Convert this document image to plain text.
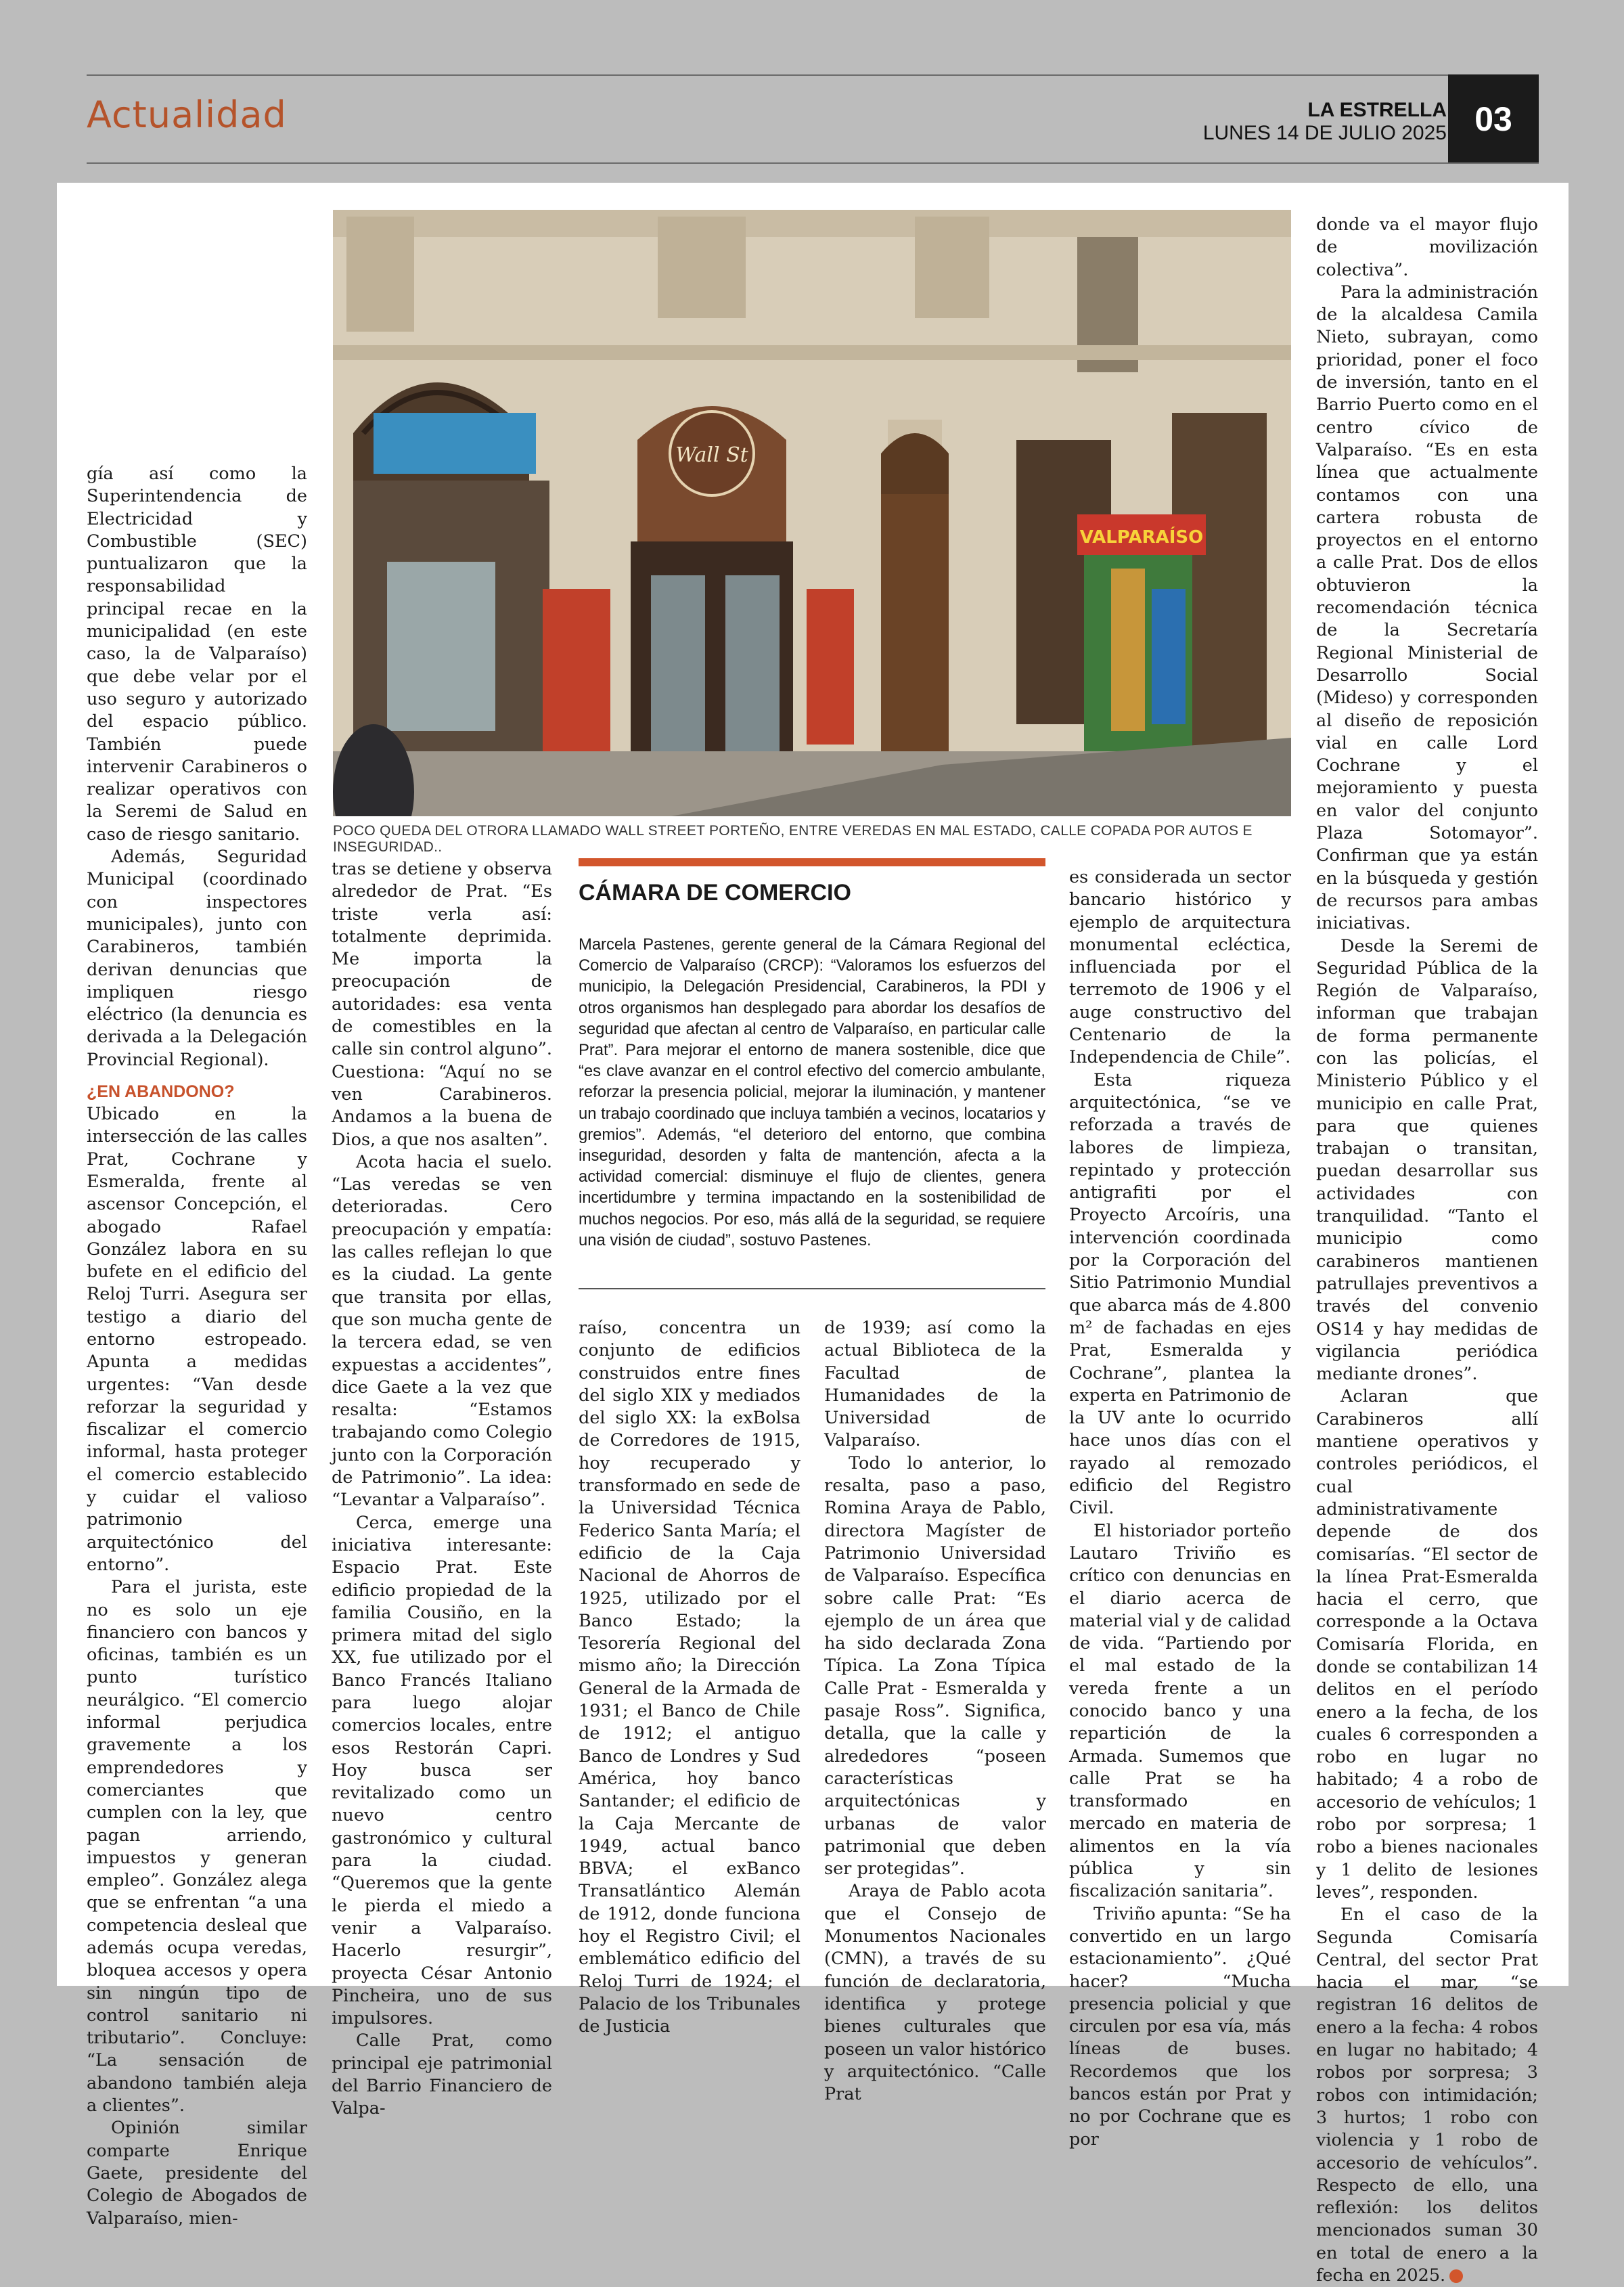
Actualidad	LA ESTRELLA
LUNES 14 DE JULIO 2025 03
Wall St
VALPARAÍSO
POCO QUEDA DEL OTRORA LLAMADO WALL STREET PORTEÑO, ENTRE VEREDAS EN MAL ESTADO, CALLE COPADA POR AUTOS E INSEGURIDAD..

gía así como la Superintendencia de Electricidad y Combustible (SEC) puntualizaron que la responsabilidad principal recae en la municipalidad (en este caso, la de Valparaíso) que debe velar por el uso seguro y autorizado del espacio público. También puede intervenir Carabineros o realizar operativos con la Seremi de Salud en caso de riesgo sanitario.

Además, Seguridad Municipal (coordinado con inspectores municipales), junto con Carabineros, también derivan denuncias que impliquen riesgo eléctrico (la denuncia es derivada a la Delegación Provincial Regional).

¿EN ABANDONO?

Ubicado en la intersección de las calles Prat, Cochrane y Esmeralda, frente al ascensor Concepción, el abogado Rafael González labora en su bufete en el edificio del Reloj Turri. Asegura ser testigo a diario del entorno estropeado. Apunta a medidas urgentes: “Van desde reforzar la seguridad y fiscalizar el comercio informal, hasta proteger el comercio establecido y cuidar el valioso patrimonio arquitectónico del entorno”.

Para el jurista, este no es solo un eje financiero con bancos y oficinas, también es un punto turístico neurálgico. “El comercio informal perjudica gravemente a los emprendedores y comerciantes que cumplen con la ley, que pagan arriendo, impuestos y generan empleo”. González alega que se enfrentan “a una competencia desleal que además ocupa veredas, bloquea accesos y opera sin ningún tipo de control sanitario ni tributario”. Concluye: “La sensación de abandono también aleja a clientes”.

Opinión similar comparte Enrique Gaete, presidente del Colegio de Abogados de Valparaíso, mien-

tras se detiene y observa alrededor de Prat. “Es triste verla así: totalmente deprimida. Me importa la preocupación de autoridades: esa venta de comestibles en la calle sin control alguno”. Cuestiona: “Aquí no se ven Carabineros. Andamos a la buena de Dios, a que nos asalten”.

Acota hacia el suelo. “Las veredas se ven deterioradas. Cero preocupación y empatía: las calles reflejan lo que es la ciudad. La gente que transita por ellas, que son mucha gente de la tercera edad, se ven expuestas a accidentes”, dice Gaete a la vez que resalta: “Estamos trabajando como Colegio junto con la Corporación de Patrimonio”. La idea: “Levantar a Valparaíso”.

Cerca, emerge una iniciativa interesante: Espacio Prat. Este edificio propiedad de la familia Cousiño, en la primera mitad del siglo XX, fue utilizado por el Banco Francés Italiano para luego alojar comercios locales, entre esos Restorán Capri. Hoy busca ser revitalizado como un nuevo centro gastronómico y cultural para la ciudad. “Queremos que la gente le pierda el miedo a venir a Valparaíso. Hacerlo resurgir”, proyecta César Antonio Pincheira, uno de sus impulsores.

Calle Prat, como principal eje patrimonial del Barrio Financiero de Valpa-

CÁMARA DE COMERCIO
Marcela Pastenes, gerente general de la Cámara Regional del Comercio de Valparaíso (CRCP): “Valoramos los esfuerzos del municipio, la Delegación Presidencial, Carabineros, la PDI y otros organismos han desplegado para abordar los desafíos de seguridad que afectan al centro de Valparaíso, en particular calle Prat”. Para mejorar el entorno de manera sostenible, dice que “es clave avanzar en el control efectivo del comercio ambulante, reforzar la presencia policial, mejorar la iluminación, y mantener un trabajo coordinado que incluya también a vecinos, locatarios y gremios”. Además, “el deterioro del entorno, que combina inseguridad, desorden y falta de mantención, afecta a la actividad comercial: disminuye el flujo de clientes, genera incertidumbre y termina impactando en la sostenibilidad de muchos negocios. Por eso, más allá de la seguridad, se requiere una visión de ciudad”, sostuvo Pastenes.

raíso, concentra un conjunto de edificios construidos entre fines del siglo XIX y mediados del siglo XX: la exBolsa de Corredores de 1915, hoy recuperado y transformado en sede de la Universidad Técnica Federico Santa María; el edificio de la Caja Nacional de Ahorros de 1925, utilizado por el Banco Estado; la Tesorería Regional del mismo año; la Dirección General de la Armada de 1931; el Banco de Chile de 1912; el antiguo Banco de Londres y Sud América, hoy banco Santander; el edificio de la Caja Mercante de 1949, actual banco BBVA; el exBanco Transatlántico Alemán de 1912, donde funciona hoy el Registro Civil; el emblemático edificio del Reloj Turri de 1924; el Palacio de los Tribunales de Justicia

de 1939; así como la actual Biblioteca de la Facultad de Humanidades de la Universidad de Valparaíso.

Todo lo anterior, lo resalta, paso a paso, Romina Araya de Pablo, directora Magíster de Patrimonio Universidad de Valparaíso. Específica sobre calle Prat: “Es ejemplo de un área que ha sido declarada Zona Típica. La Zona Típica Calle Prat - Esmeralda y pasaje Ross”. Significa, detalla, que la calle y alrededores “poseen características arquitectónicas y urbanas de valor patrimonial que deben ser protegidas”.

Araya de Pablo acota que el Consejo de Monumentos Nacionales (CMN), a través de su función de declaratoria, identifica y protege bienes culturales que poseen un valor histórico y arquitectónico. “Calle Prat

es considerada un sector bancario histórico y ejemplo de arquitectura monumental ecléctica, influenciada por el terremoto de 1906 y el auge constructivo del Centenario de la Independencia de Chile”.

Esta riqueza arquitectónica, “se ve reforzada a través de labores de limpieza, repintado y protección antigrafiti por el Proyecto Arcoíris, una intervención coordinada por la Corporación del Sitio Patrimonio Mundial que abarca más de 4.800 m² de fachadas en ejes Prat, Esmeralda y Cochrane”, plantea la experta en Patrimonio de la UV ante lo ocurrido hace unos días con el rayado al remozado edificio del Registro Civil.

El historiador porteño Lautaro Triviño es crítico con denuncias en el diario acerca de material vial y de calidad de vida. “Partiendo por el mal estado de la vereda frente a un conocido banco y una repartición de la Armada. Sumemos que calle Prat se ha transformado en mercado en materia de alimentos en la vía pública y sin fiscalización sanitaria”.

Triviño apunta: “Se ha convertido en un largo estacionamiento”. ¿Qué hacer? “Mucha presencia policial y que circulen por esa vía, más líneas de buses. Recordemos que los bancos están por Prat y no por Cochrane que es por

donde va el mayor flujo de movilización colectiva”.

Para la administración de la alcaldesa Camila Nieto, subrayan, como prioridad, poner el foco de inversión, tanto en el Barrio Puerto como en el centro cívico de Valparaíso. “Es en esta línea que actualmente contamos con una cartera robusta de proyectos en el entorno a calle Prat. Dos de ellos obtuvieron la recomendación técnica de la Secretaría Regional Ministerial de Desarrollo Social (Mideso) y corresponden al diseño de reposición vial en calle Lord Cochrane y el mejoramiento y puesta en valor del conjunto Plaza Sotomayor”. Confirman que ya están en la búsqueda y gestión de recursos para ambas iniciativas.

Desde la Seremi de Seguridad Pública de la Región de Valparaíso, informan que trabajan de forma permanente con las policías, el Ministerio Público y el municipio en calle Prat, para que quienes trabajan o transitan, puedan desarrollar sus actividades con tranquilidad. “Tanto el municipio como carabineros mantienen patrullajes preventivos a través del convenio OS14 y hay medidas de vigilancia periódica mediante drones”.

Aclaran que Carabineros allí mantiene operativos y controles periódicos, el cual administrativamente depende de dos comisarías. “El sector de la línea Prat-Esmeralda hacia el cerro, que corresponde a la Octava Comisaría Florida, en donde se contabilizan 14 delitos en el período enero a la fecha, de los cuales 6 corresponden a robo en lugar no habitado; 4 a robo de accesorio de vehículos; 1 robo por sorpresa; 1 robo a bienes nacionales y 1 delito de lesiones leves”, responden.

En el caso de la Segunda Comisaría Central, del sector Prat hacia el mar, “se registran 16 delitos de enero a la fecha: 4 robos en lugar no habitado; 4 robos por sorpresa; 3 robos con intimidación; 3 hurtos; 1 robo con violencia y 1 robo de accesorio de vehículos”. Respecto de ello, una reflexión: los delitos mencionados suman 30 en total de enero a la fecha en 2025.
